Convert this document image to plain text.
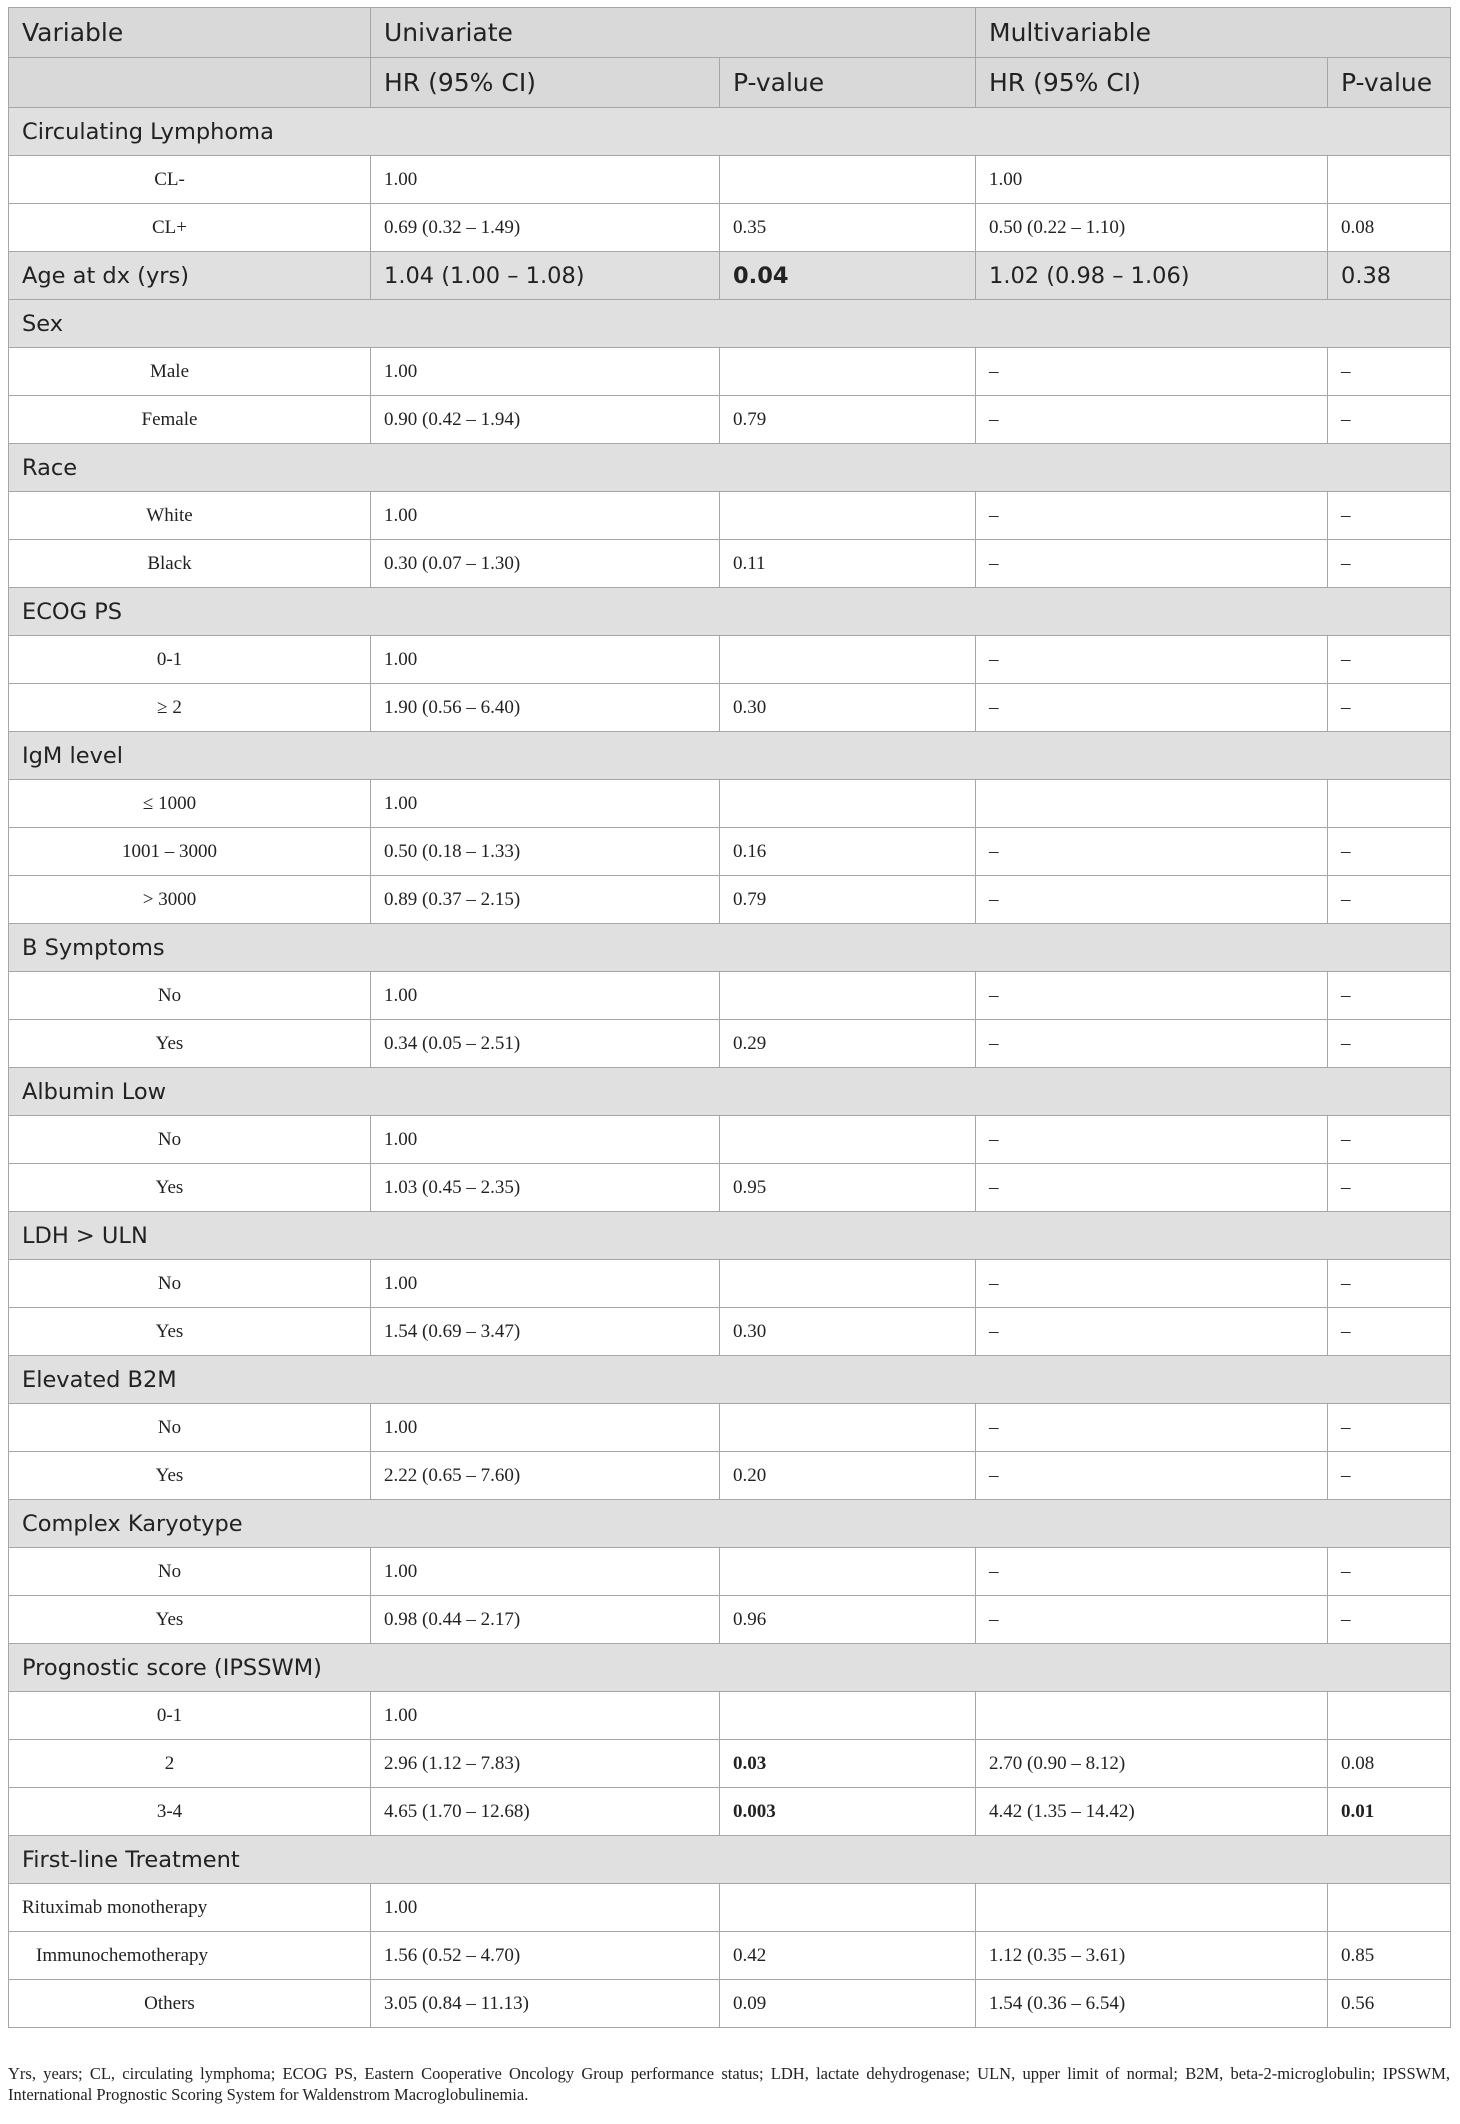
Variable	Univariate		Multivariable	
	HR (95% CI)	P-value	HR (95% CI)	P-value
Circulating Lymphoma				
CL-	1.00		1.00	
CL+	0.69 (0.32 – 1.49)	0.35	0.50 (0.22 – 1.10)	0.08
Age at dx (yrs)	1.04 (1.00 – 1.08)	0.04	1.02 (0.98 – 1.06)	0.38
Sex				
Male	1.00		–	–
Female	0.90 (0.42 – 1.94)	0.79	–	–
Race				
White	1.00		–	–
Black	0.30 (0.07 – 1.30)	0.11	–	–
ECOG PS				
0-1	1.00		–	–
≥ 2	1.90 (0.56 – 6.40)	0.30	–	–
IgM level				
≤ 1000	1.00			
1001 – 3000	0.50 (0.18 – 1.33)	0.16	–	–
> 3000	0.89 (0.37 – 2.15)	0.79	–	–
B Symptoms				
No	1.00		–	–
Yes	0.34 (0.05 – 2.51)	0.29	–	–
Albumin Low				
No	1.00		–	–
Yes	1.03 (0.45 – 2.35)	0.95	–	–
LDH > ULN				
No	1.00		–	–
Yes	1.54 (0.69 – 3.47)	0.30	–	–
Elevated B2M				
No	1.00		–	–
Yes	2.22 (0.65 – 7.60)	0.20	–	–
Complex Karyotype				
No	1.00		–	–
Yes	0.98 (0.44 – 2.17)	0.96	–	–
Prognostic score (IPSSWM)				
0-1	1.00			
2	2.96 (1.12 – 7.83)	0.03	2.70 (0.90 – 8.12)	0.08
3-4	4.65 (1.70 – 12.68)	0.003	4.42 (1.35 – 14.42)	0.01
First-line Treatment				
Rituximab monotherapy	1.00			
Immunochemotherapy	1.56 (0.52 – 4.70)	0.42	1.12 (0.35 – 3.61)	0.85
Others	3.05 (0.84 – 11.13)	0.09	1.54 (0.36 – 6.54)	0.56
Yrs, years; CL, circulating lymphoma; ECOG PS, Eastern Cooperative Oncology Group performance status; LDH, lactate dehydrogenase; ULN, upper limit of normal; B2M, beta-2-microglobulin; IPSSWM, International Prognostic Scoring System for Waldenstrom Macroglobulinemia.
